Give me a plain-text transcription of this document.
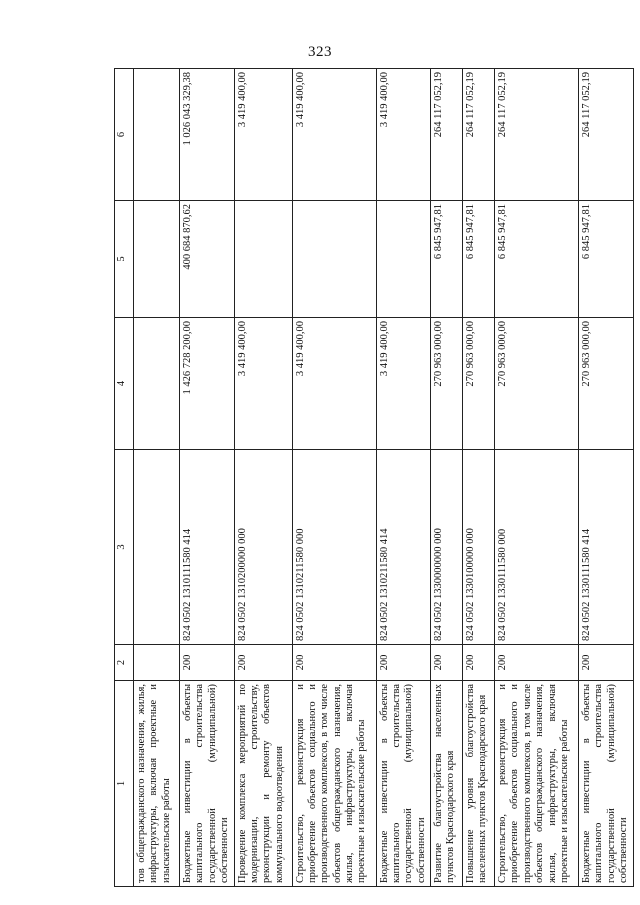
323
1	2	3	4	5	6
тов общегражданского назначения, жилья, инфраструктуры, включая проектные и изыскательские работы					
Бюджетные инвестиции в объекты капитального строительства государственной (муниципальной) собственности	200	824 0502 1310111580 414	1 426 728 200,00	400 684 870,62	1 026 043 329,38
Проведение комплекса мероприятий по модернизации, строительству, реконструкции и ремонту объектов коммунального водоотведения	200	824 0502 1310200000 000	3 419 400,00		3 419 400,00
Строительство, реконструкция и приобретение объектов социального и производственного комплексов, в том числе объектов общегражданского назначения, жилья, инфраструктуры, включая проектные и изыскательские работы	200	824 0502 1310211580 000	3 419 400,00		3 419 400,00
Бюджетные инвестиции в объекты капитального строительства государственной (муниципальной) собственности	200	824 0502 1310211580 414	3 419 400,00		3 419 400,00
Развитие благоустройства населенных пунктов Краснодарского края	200	824 0502 1330000000 000	270 963 000,00	6 845 947,81	264 117 052,19
Повышение уровня благоустройства населенных пунктов Краснодарского края	200	824 0502 1330100000 000	270 963 000,00	6 845 947,81	264 117 052,19
Строительство, реконструкция и приобретение объектов социального и производственного комплексов, в том числе объектов общегражданского назначения, жилья, инфраструктуры, включая проектные и изыскательские работы	200	824 0502 1330111580 000	270 963 000,00	6 845 947,81	264 117 052,19
Бюджетные инвестиции в объекты капитального строительства государственной (муниципальной) собственности	200	824 0502 1330111580 414	270 963 000,00	6 845 947,81	264 117 052,19
